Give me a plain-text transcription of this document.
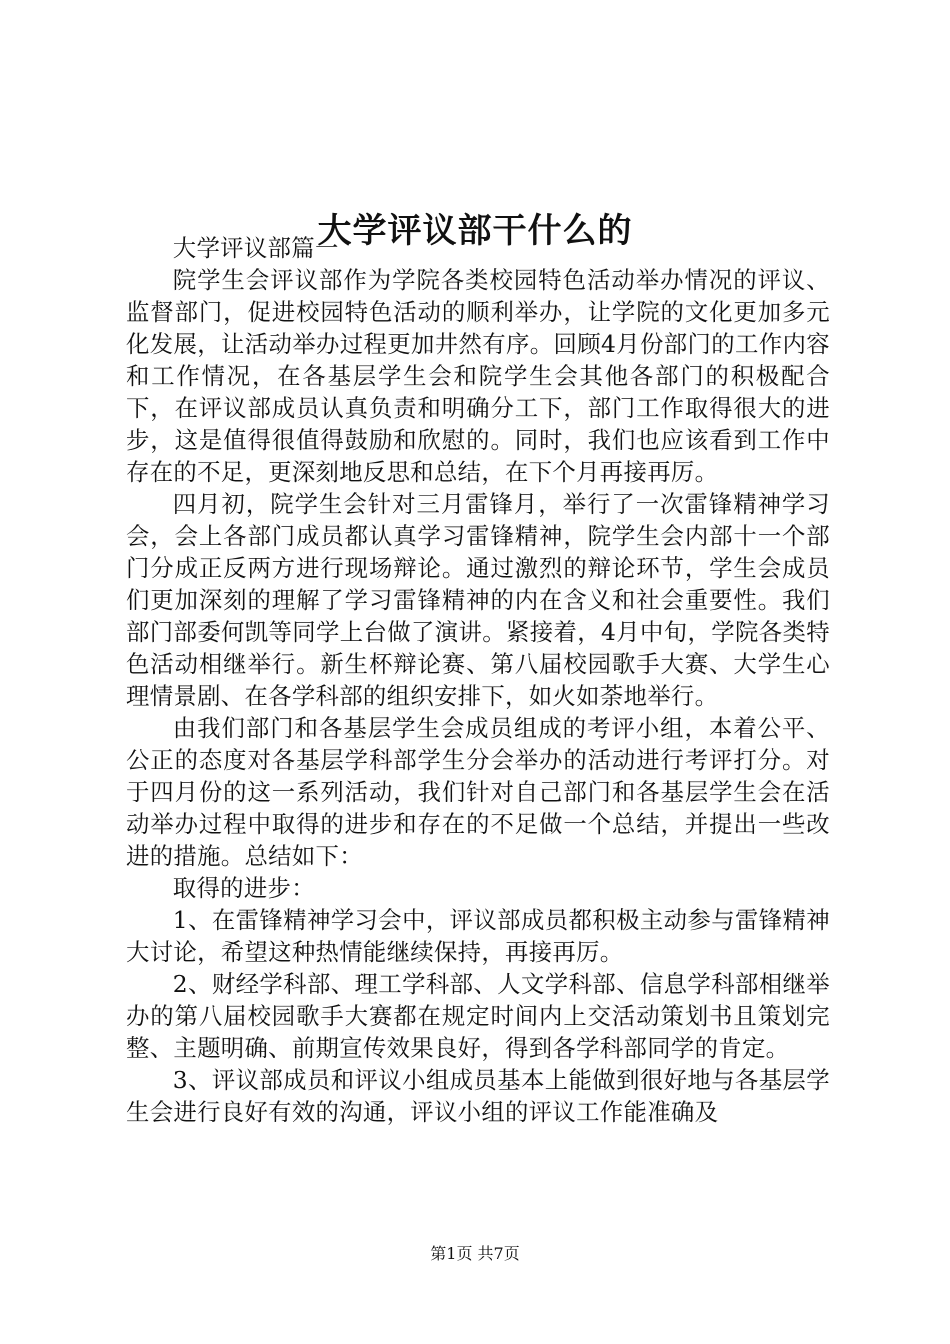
大学评议部干什么的

大学评议部篇一

院学生会评议部作为学院各类校园特色活动举办情况的评议、监督部门，促进校园特色活动的顺利举办，让学院的文化更加多元化发展，让活动举办过程更加井然有序。回顾4月份部门的工作内容和工作情况，在各基层学生会和院学生会其他各部门的积极配合下，在评议部成员认真负责和明确分工下，部门工作取得很大的进步，这是值得很值得鼓励和欣慰的。同时，我们也应该看到工作中存在的不足，更深刻地反思和总结，在下个月再接再厉。

四月初，院学生会针对三月雷锋月，举行了一次雷锋精神学习会，会上各部门成员都认真学习雷锋精神，院学生会内部十一个部门分成正反两方进行现场辩论。通过激烈的辩论环节，学生会成员们更加深刻的理解了学习雷锋精神的内在含义和社会重要性。我们部门部委何凯等同学上台做了演讲。紧接着，4月中旬，学院各类特色活动相继举行。新生杯辩论赛、第八届校园歌手大赛、大学生心理情景剧、在各学科部的组织安排下，如火如荼地举行。

由我们部门和各基层学生会成员组成的考评小组，本着公平、公正的态度对各基层学科部学生分会举办的活动进行考评打分。对于四月份的这一系列活动，我们针对自己部门和各基层学生会在活动举办过程中取得的进步和存在的不足做一个总结，并提出一些改进的措施。总结如下：

取得的进步：

1、在雷锋精神学习会中，评议部成员都积极主动参与雷锋精神大讨论，希望这种热情能继续保持，再接再厉。

2、财经学科部、理工学科部、人文学科部、信息学科部相继举办的第八届校园歌手大赛都在规定时间内上交活动策划书且策划完整、主题明确、前期宣传效果良好，得到各学科部同学的肯定。

3、评议部成员和评议小组成员基本上能做到很好地与各基层学生会进行良好有效的沟通，评议小组的评议工作能准确及

第1页 共7页
